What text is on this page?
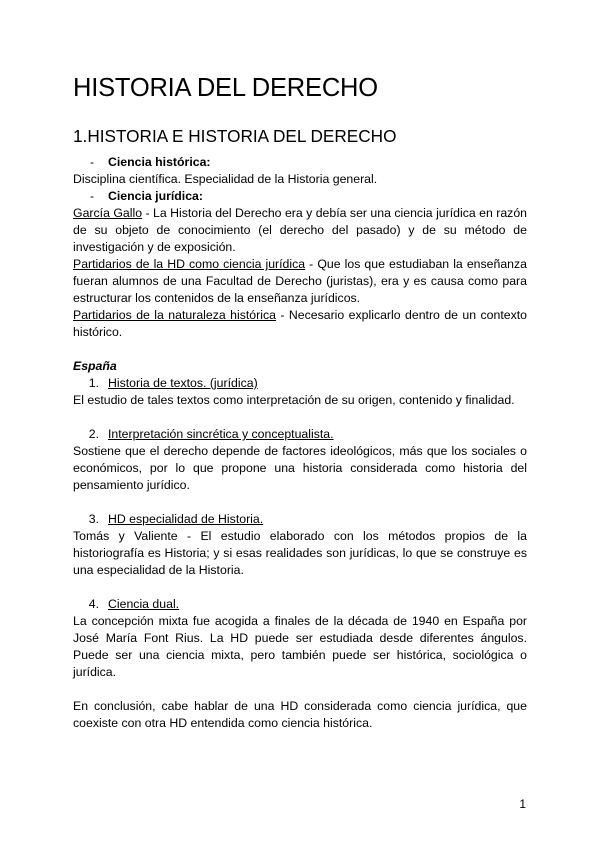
HISTORIA DEL DERECHO
1.HISTORIA E HISTORIA DEL DERECHO
-	Ciencia histórica:

Disciplina científica. Especialidad de la Historia general.

-	Ciencia jurídica:

García Gallo - La Historia del Derecho era y debía ser una ciencia jurídica en razón de su objeto de conocimiento (el derecho del pasado) y de su método de investigación y de exposición.

Partidarios de la HD como ciencia jurídica - Que los que estudiaban la enseñanza fueran alumnos de una Facultad de Derecho (juristas), era y es causa como para estructurar los contenidos de la enseñanza jurídicos.

Partidarios de la naturaleza histórica - Necesario explicarlo dentro de un contexto histórico.

España

1. Historia de textos. (jurídica)

El estudio de tales textos como interpretación de su origen, contenido y finalidad.

2. Interpretación sincrética y conceptualista.

Sostiene que el derecho depende de factores ideológicos, más que los sociales o económicos, por lo que propone una historia considerada como historia del pensamiento jurídico.

3. HD especialidad de Historia.

Tomás y Valiente - El estudio elaborado con los métodos propios de la historiografía es Historia; y si esas realidades son jurídicas, lo que se construye es una especialidad de la Historia.

4. Ciencia dual.

La concepción mixta fue acogida a finales de la década de 1940 en España por José María Font Rius. La HD puede ser estudiada desde diferentes ángulos. Puede ser una ciencia mixta, pero también puede ser histórica, sociológica o jurídica.

En conclusión, cabe hablar de una HD considerada como ciencia jurídica, que coexiste con otra HD entendida como ciencia histórica.

1
